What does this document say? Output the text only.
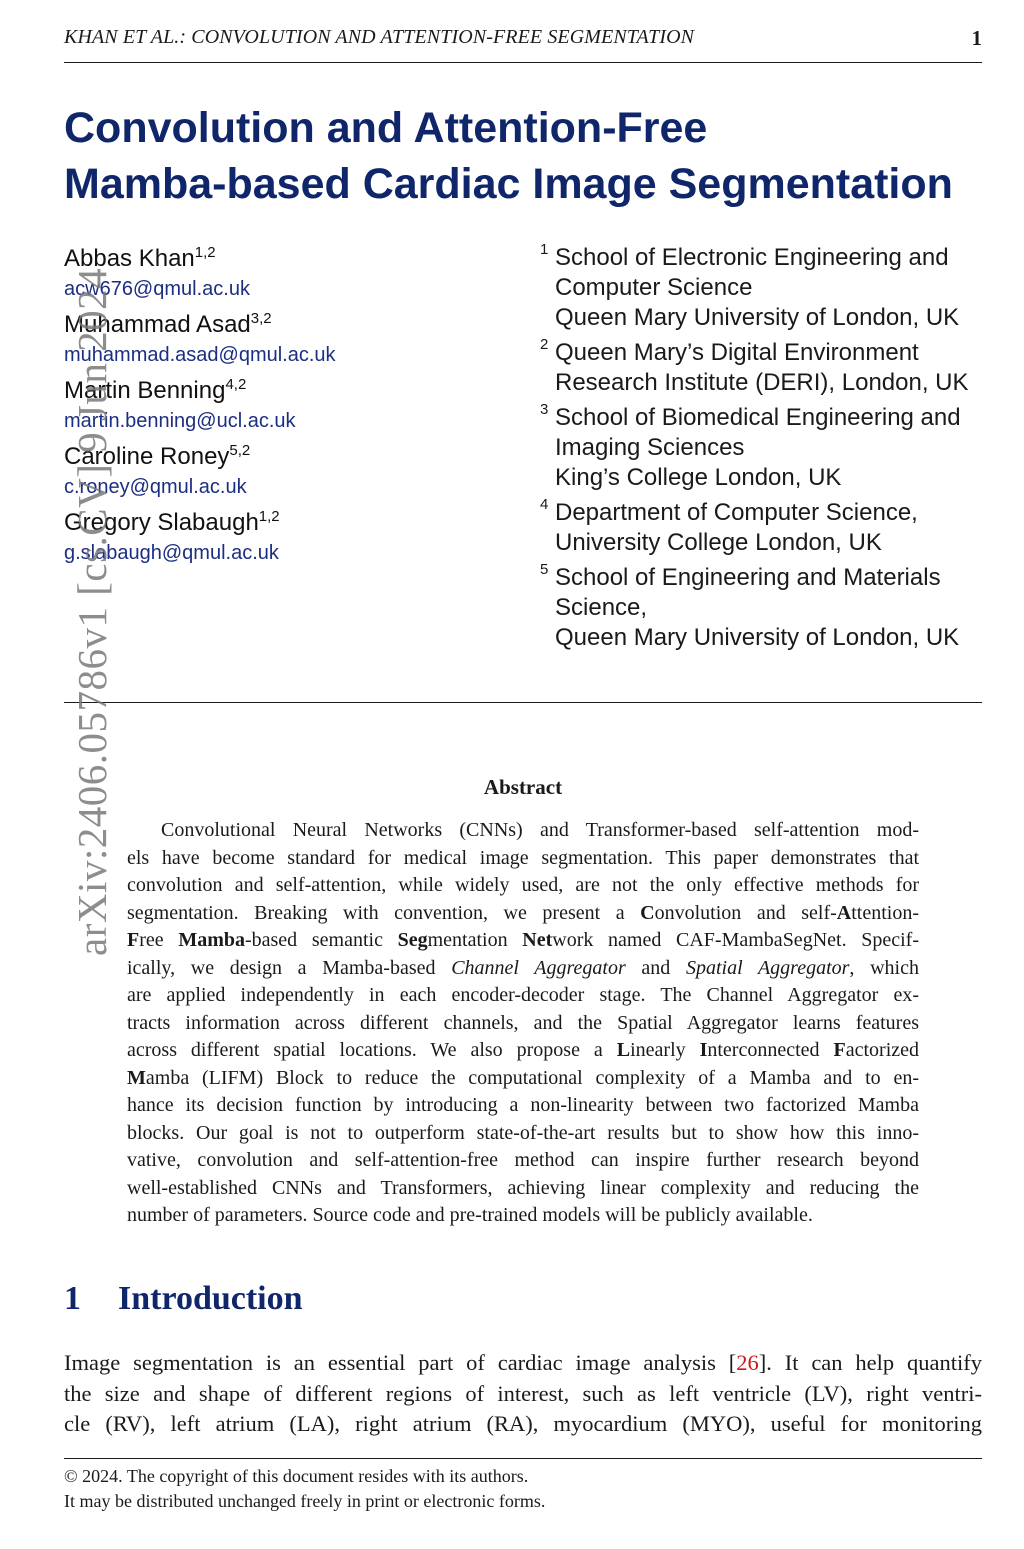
KHAN ET AL.: CONVOLUTION AND ATTENTION-FREE SEGMENTATION	1
Convolution and Attention-Free
Mamba-based Cardiac Image Segmentation
Abbas Khan$^{1,2}$
acw676@qmul.ac.uk
Muhammad Asad$^{3,2}$
muhammad.asad@qmul.ac.uk
Martin Benning$^{4,2}$
martin.benning@ucl.ac.uk
Caroline Roney$^{5,2}$
c.roney@qmul.ac.uk
Gregory Slabaugh$^{1,2}$
g.slabaugh@qmul.ac.uk
1 School of Electronic Engineering and
Computer Science
Queen Mary University of London, UK
2 Queen Mary’s Digital Environment
Research Institute (DERI), London, UK
3 School of Biomedical Engineering and
Imaging Sciences
King’s College London, UK
4 Department of Computer Science,
University College London, UK
5 School of Engineering and Materials
Science,
Queen Mary University of London, UK
Abstract
Convolutional Neural Networks (CNNs) and Transformer-based self-attention mod-
els have become standard for medical image segmentation. This paper demonstrates that
convolution and self-attention, while widely used, are not the only effective methods for
segmentation. Breaking with convention, we present a Convolution and self-Attention-
Free Mamba-based semantic Segmentation Network named CAF-MambaSegNet. Specif-
ically, we design a Mamba-based Channel Aggregator and Spatial Aggregator, which
are applied independently in each encoder-decoder stage. The Channel Aggregator ex-
tracts information across different channels, and the Spatial Aggregator learns features
across different spatial locations. We also propose a Linearly Interconnected Factorized
Mamba (LIFM) Block to reduce the computational complexity of a Mamba and to en-
hance its decision function by introducing a non-linearity between two factorized Mamba
blocks. Our goal is not to outperform state-of-the-art results but to show how this inno-
vative, convolution and self-attention-free method can inspire further research beyond
well-established CNNs and Transformers, achieving linear complexity and reducing the
number of parameters. Source code and pre-trained models will be publicly available.
1 Introduction
Image segmentation is an essential part of cardiac image analysis [26]. It can help quantify
the size and shape of different regions of interest, such as left ventricle (LV), right ventri-
cle (RV), left atrium (LA), right atrium (RA), myocardium (MYO), useful for monitoring
© 2024. The copyright of this document resides with its authors.
It may be distributed unchanged freely in print or electronic forms.
arXiv:2406.05786v1 [cs.CV] 9 Jun 2024
